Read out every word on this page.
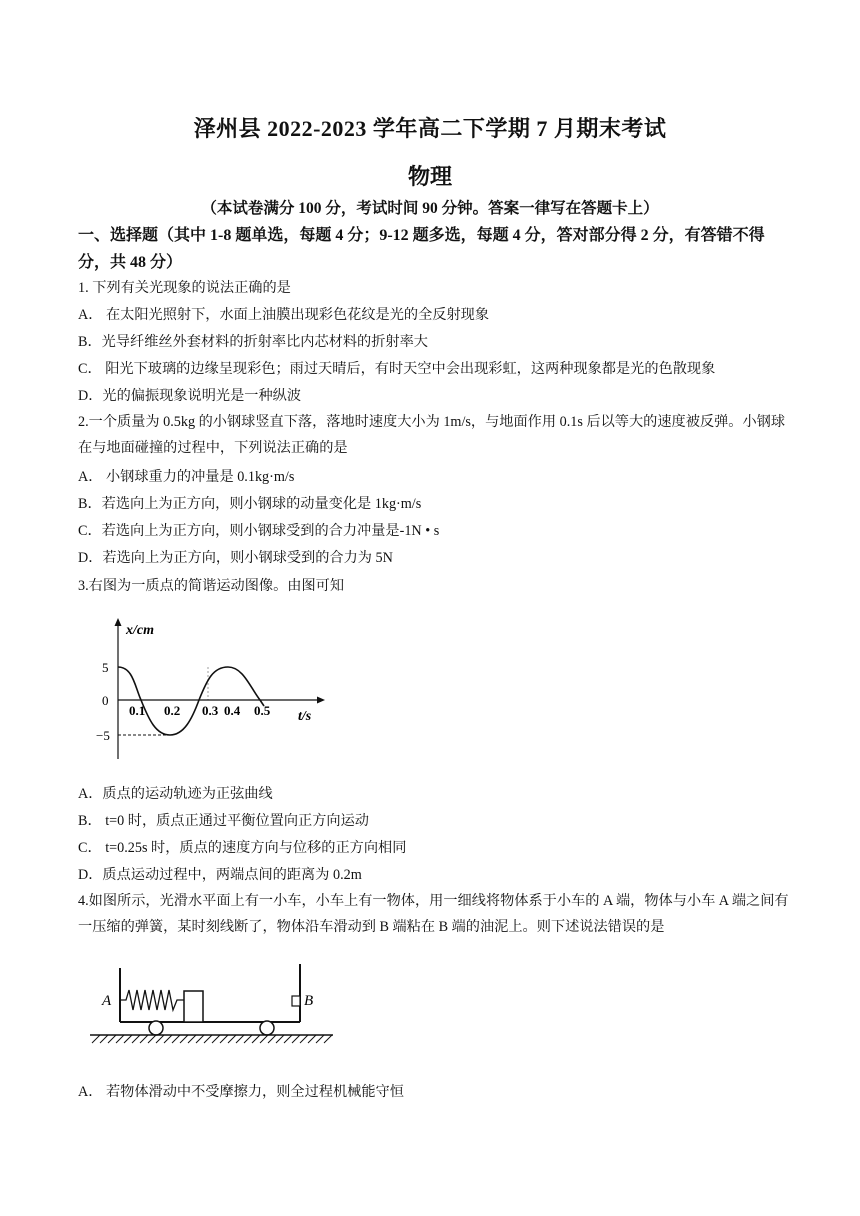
泽州县 2022-2023 学年高二下学期 7 月期末考试
物理
（本试卷满分 100 分，考试时间 90 分钟。答案一律写在答题卡上）
一、选择题（其中 1-8 题单选，每题 4 分；9-12 题多选，每题 4 分，答对部分得 2 分，有答错不得分，共 48 分）
1. 下列有关光现象的说法正确的是
A． 在太阳光照射下，水面上油膜出现彩色花纹是光的全反射现象
B．光导纤维丝外套材料的折射率比内芯材料的折射率大
C． 阳光下玻璃的边缘呈现彩色；雨过天晴后，有时天空中会出现彩虹，这两种现象都是光的色散现象
D．光的偏振现象说明光是一种纵波
2.一个质量为 0.5kg 的小钢球竖直下落，落地时速度大小为 1m/s，与地面作用 0.1s 后以等大的速度被反弹。小钢球在与地面碰撞的过程中，下列说法正确的是
A． 小钢球重力的冲量是 0.1kg·m/s
B．若选向上为正方向，则小钢球的动量变化是 1kg·m/s
C．若选向上为正方向，则小钢球受到的合力冲量是-1N • s
D．若选向上为正方向，则小钢球受到的合力为 5N
3.右图为一质点的简谐运动图像。由图可知
x/cm
5
0
−5
0.1 0.2 0.3 0.4 0.5 t/s
A．质点的运动轨迹为正弦曲线
B． t=0 时，质点正通过平衡位置向正方向运动
C． t=0.25s 时，质点的速度方向与位移的正方向相同
D．质点运动过程中，两端点间的距离为 0.2m
4.如图所示，光滑水平面上有一小车，小车上有一物体，用一细线将物体系于小车的 A 端，物体与小车 A 端之间有一压缩的弹簧，某时刻线断了，物体沿车滑动到 B 端粘在 B 端的油泥上。则下述说法错误的是
A	B
A． 若物体滑动中不受摩擦力，则全过程机械能守恒
